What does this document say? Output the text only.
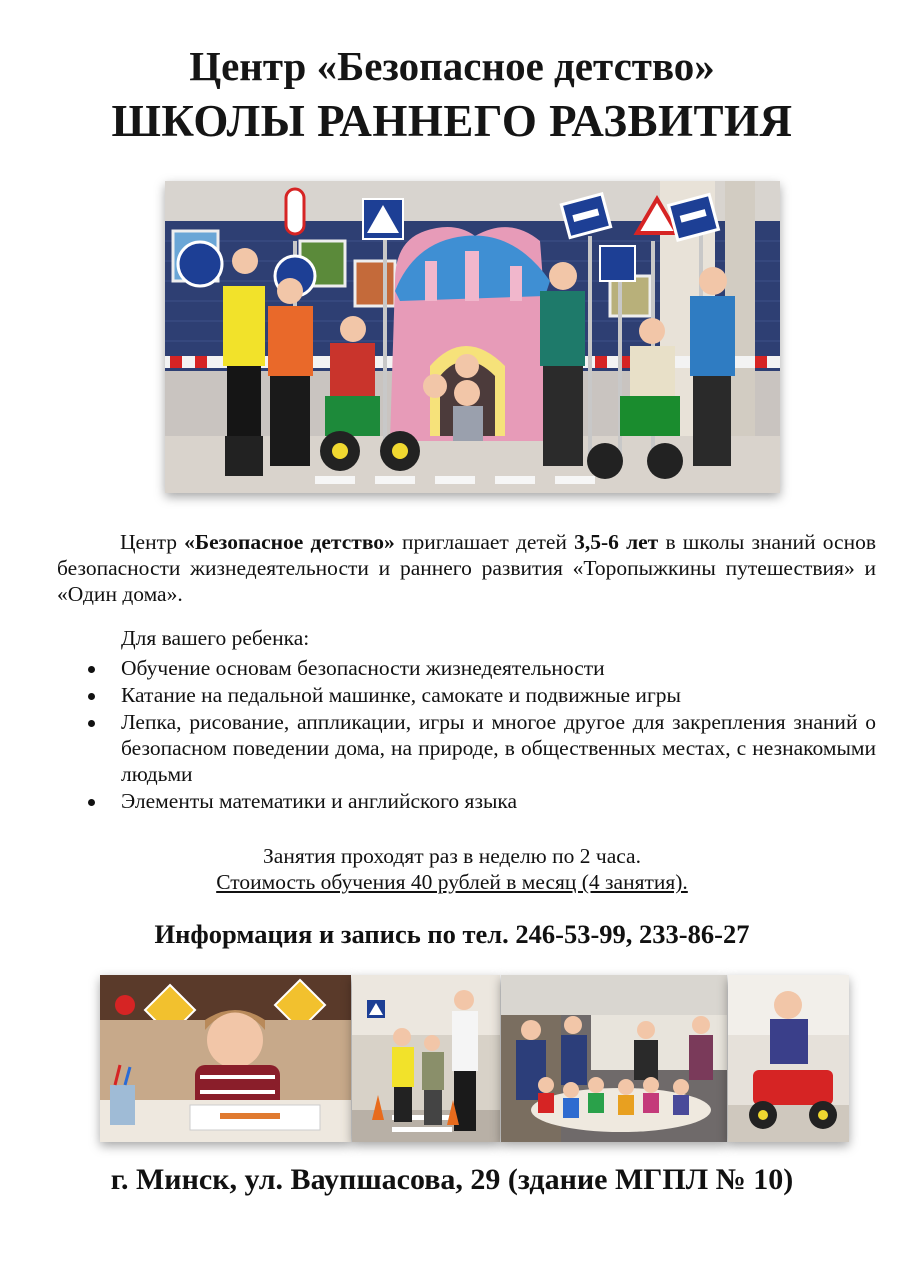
Центр «Безопасное детство»
ШКОЛЫ РАННЕГО РАЗВИТИЯ

Центр «Безопасное детство» приглашает детей 3,5-6 лет в школы знаний основ безопасности жизнедеятельности и раннего развития «Торопыжкины путешествия» и «Один дома».

Для вашего ребенка:

Обучение основам безопасности жизнедеятельности
Катание на педальной машинке, самокате и подвижные игры
Лепка, рисование, аппликации, игры и многое другое для закрепления знаний о безопасном поведении дома, на природе, в общественных местах, с незнакомыми людьми
Элементы математики и английского языка

Занятия проходят раз в неделю по 2 часа.

Стоимость обучения 40 рублей в месяц (4 занятия).

Информация и запись по тел. 246-53-99, 233-86-27

г. Минск, ул. Ваупшасова, 29 (здание МГПЛ № 10)
